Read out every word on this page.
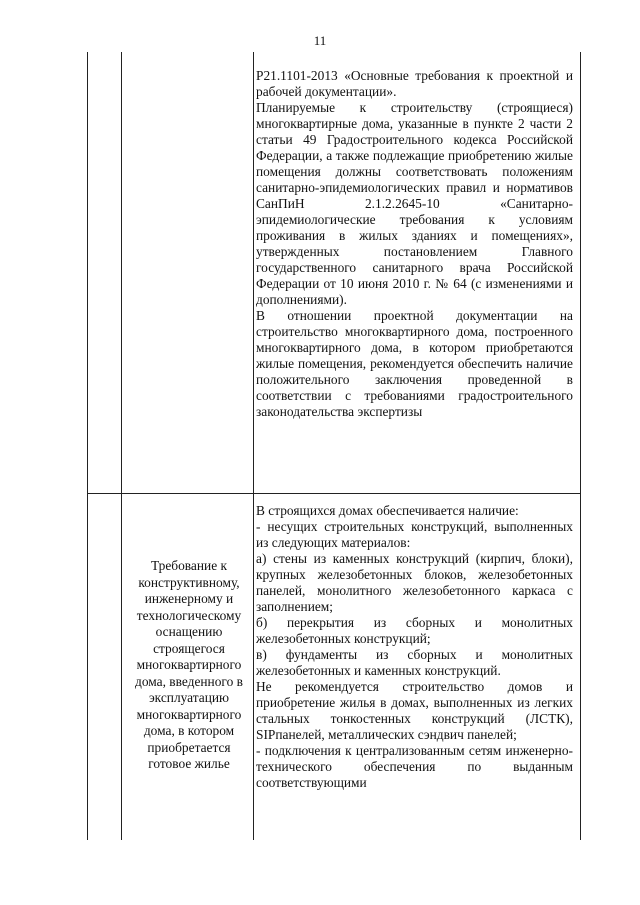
11

Р21.1101-2013 «Основные требования к проектной и рабочей документации».

Планируемые к строительству (строящиеся) многоквартирные дома, указанные в пункте 2 части 2 статьи 49 Градостроительного кодекса Российской Федерации, а также подлежащие приобретению жилые помещения должны соответствовать положениям санитарно-эпидемиологических правил и нормативов СанПиН 2.1.2.2645-10 «Санитарно-эпидемиологические требования к условиям проживания в жилых зданиях и помещениях», утвержденных постановлением Главного государственного санитарного врача Российской Федерации от 10 июня 2010 г. № 64 (с изменениями и дополнениями).

В отношении проектной документации на строительство многоквартирного дома, построенного многоквартирного дома, в котором приобретаются жилые помещения, рекомендуется обеспечить наличие положительного заключения проведенной в соответствии с требованиями градостроительного законодательства экспертизы

Требование к конструктивному, инженерному и технологическому оснащению строящегося многоквартирного дома, введенного в эксплуатацию многоквартирного дома, в котором приобретается готовое жилье

В строящихся домах обеспечивается наличие:

- несущих строительных конструкций, выполненных из следующих материалов:

а) стены из каменных конструкций (кирпич, блоки), крупных железобетонных блоков, железобетонных панелей, монолитного железобетонного каркаса с заполнением;

б) перекрытия из сборных и монолитных железобетонных конструкций;

в) фундаменты из сборных и монолитных железобетонных и каменных конструкций.

Не рекомендуется строительство домов и приобретение жилья в домах, выполненных из легких стальных тонкостенных конструкций (ЛСТК), SIPпанелей, металлических сэндвич панелей;

- подключения к централизованным сетям инженерно-технического обеспечения по выданным соответствующими
